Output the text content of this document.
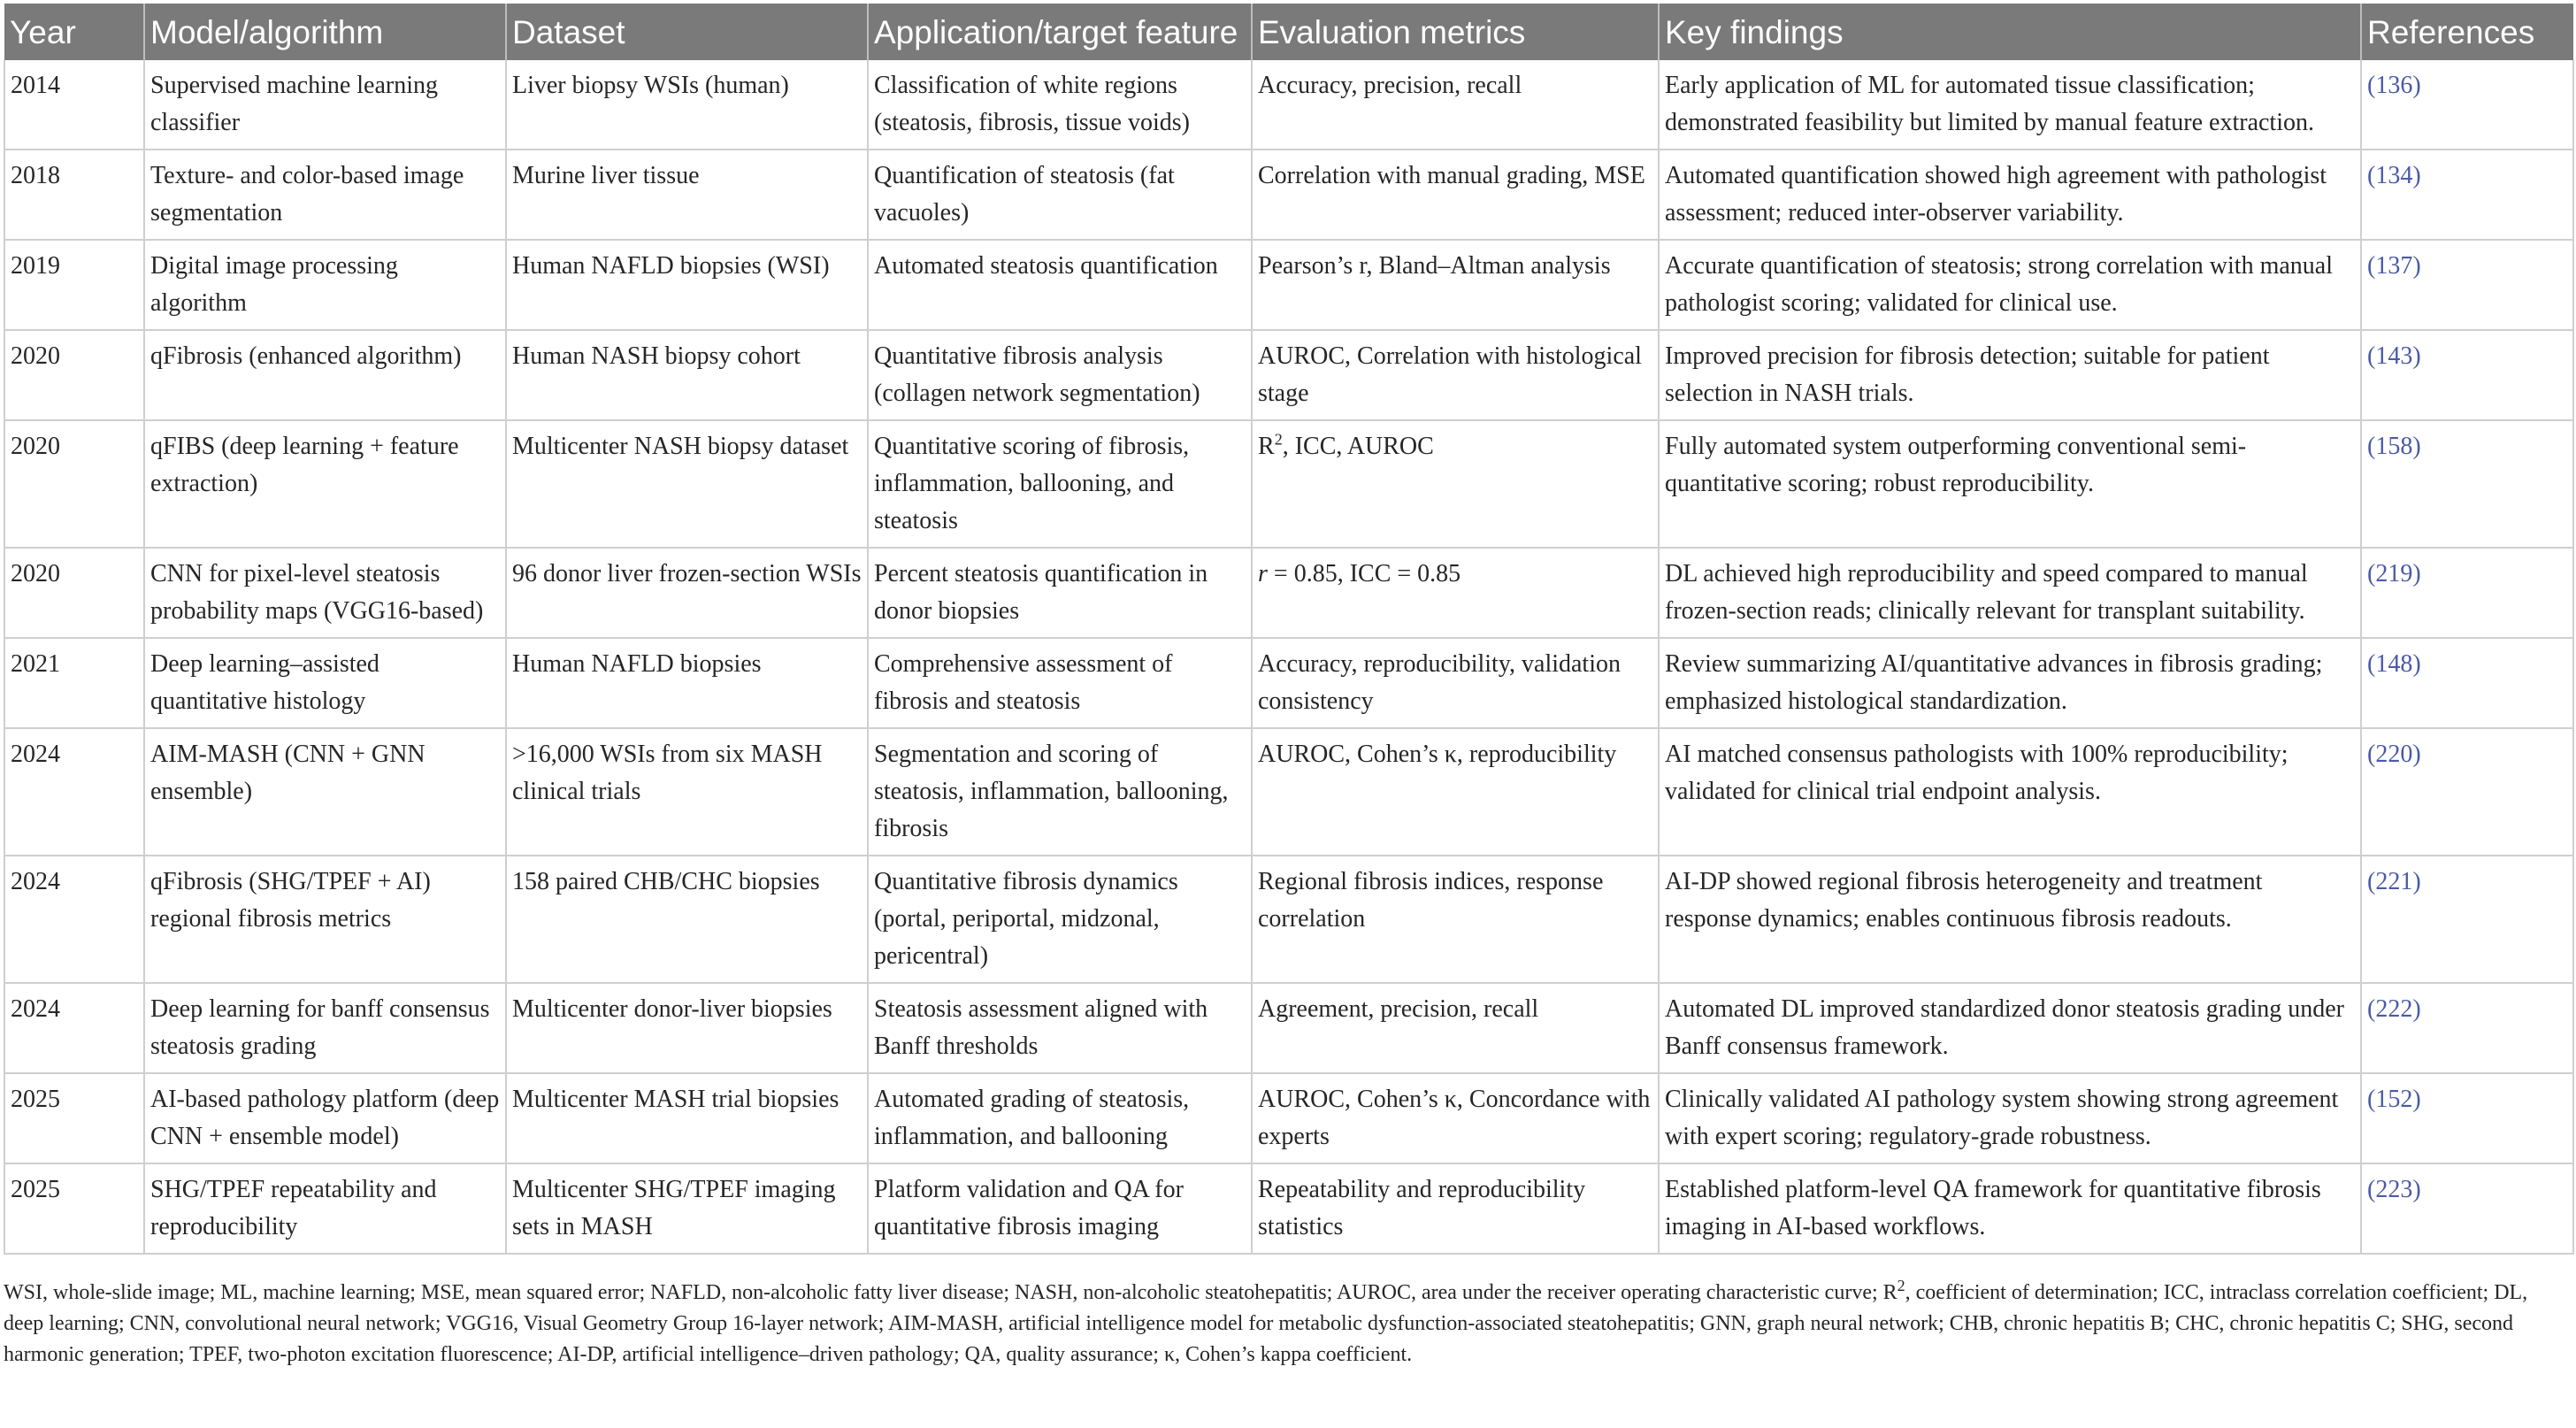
Year	Model/algorithm	Dataset	Application/target feature	Evaluation metrics	Key findings	References
2014	Supervised machine learning classifier	Liver biopsy WSIs (human)	Classification of white regions (steatosis, fibrosis, tissue voids)	Accuracy, precision, recall	Early application of ML for automated tissue classification; demonstrated feasibility but limited by manual feature extraction.	(136)
2018	Texture- and color-based image segmentation	Murine liver tissue	Quantification of steatosis (fat vacuoles)	Correlation with manual grading, MSE	Automated quantification showed high agreement with pathologist assessment; reduced inter-observer variability.	(134)
2019	Digital image processing algorithm	Human NAFLD biopsies (WSI)	Automated steatosis quantification	Pearson’s r, Bland–Altman analysis	Accurate quantification of steatosis; strong correlation with manual pathologist scoring; validated for clinical use.	(137)
2020	qFibrosis (enhanced algorithm)	Human NASH biopsy cohort	Quantitative fibrosis analysis (collagen network segmentation)	AUROC, Correlation with histological stage	Improved precision for fibrosis detection; suitable for patient selection in NASH trials.	(143)
2020	qFIBS (deep learning + feature extraction)	Multicenter NASH biopsy dataset	Quantitative scoring of fibrosis, inflammation, ballooning, and steatosis	$R^2$, ICC, AUROC	Fully automated system outperforming conventional semi-quantitative scoring; robust reproducibility.	(158)
2020	CNN for pixel-level steatosis probability maps (VGG16-based)	96 donor liver frozen-section WSIs	Percent steatosis quantification in donor biopsies	r = 0.85, ICC = 0.85	DL achieved high reproducibility and speed compared to manual frozen-section reads; clinically relevant for transplant suitability.	(219)
2021	Deep learning–assisted quantitative histology	Human NAFLD biopsies	Comprehensive assessment of fibrosis and steatosis	Accuracy, reproducibility, validation consistency	Review summarizing AI/quantitative advances in fibrosis grading; emphasized histological standardization.	(148)
2024	AIM-MASH (CNN + GNN ensemble)	>16,000 WSIs from six MASH clinical trials	Segmentation and scoring of steatosis, inflammation, ballooning, fibrosis	AUROC, Cohen’s κ, reproducibility	AI matched consensus pathologists with 100% reproducibility; validated for clinical trial endpoint analysis.	(220)
2024	qFibrosis (SHG/TPEF + AI) regional fibrosis metrics	158 paired CHB/CHC biopsies	Quantitative fibrosis dynamics (portal, periportal, midzonal, pericentral)	Regional fibrosis indices, response correlation	AI-DP showed regional fibrosis heterogeneity and treatment response dynamics; enables continuous fibrosis readouts.	(221)
2024	Deep learning for banff consensus steatosis grading	Multicenter donor-liver biopsies	Steatosis assessment aligned with Banff thresholds	Agreement, precision, recall	Automated DL improved standardized donor steatosis grading under Banff consensus framework.	(222)
2025	AI-based pathology platform (deep CNN + ensemble model)	Multicenter MASH trial biopsies	Automated grading of steatosis, inflammation, and ballooning	AUROC, Cohen’s κ, Concordance with experts	Clinically validated AI pathology system showing strong agreement with expert scoring; regulatory-grade robustness.	(152)
2025	SHG/TPEF repeatability and reproducibility	Multicenter SHG/TPEF imaging sets in MASH	Platform validation and QA for quantitative fibrosis imaging	Repeatability and reproducibility statistics	Established platform-level QA framework for quantitative fibrosis imaging in AI-based workflows.	(223)
WSI, whole-slide image; ML, machine learning; MSE, mean squared error; NAFLD, non-alcoholic fatty liver disease; NASH, non-alcoholic steatohepatitis; AUROC, area under the receiver operating characteristic curve; $R^2$, coefficient of determination; ICC, intraclass correlation coefficient; DL, deep learning; CNN, convolutional neural network; VGG16, Visual Geometry Group 16-layer network; AIM-MASH, artificial intelligence model for metabolic dysfunction-associated steatohepatitis; GNN, graph neural network; CHB, chronic hepatitis B; CHC, chronic hepatitis C; SHG, second harmonic generation; TPEF, two-photon excitation fluorescence; AI-DP, artificial intelligence–driven pathology; QA, quality assurance; κ, Cohen’s kappa coefficient.
